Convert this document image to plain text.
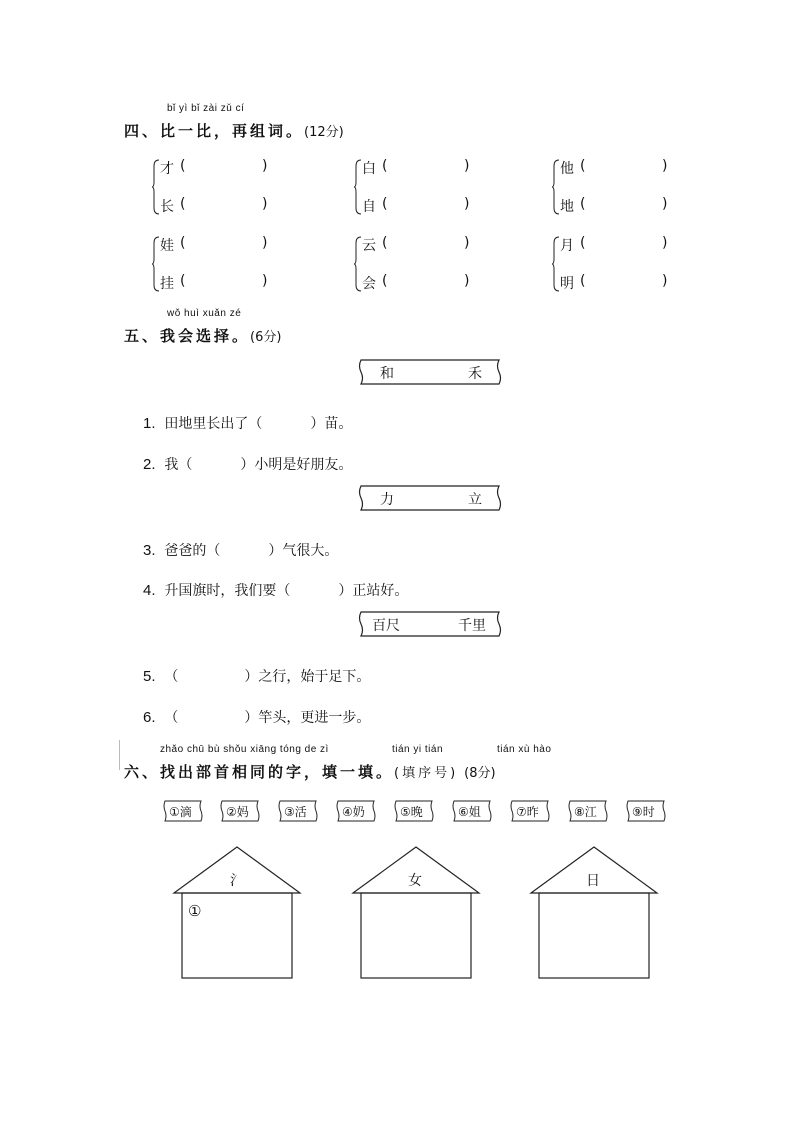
bǐ yì bǐ zài zǔ cí
四、比一比，再组词。(12分)
才 (	)
长 (	)
白 (	)
自 (	)
他 (	)
地 (	)
娃 (	)
挂 (	)
云 (	)
会 (	)
月 (	)
明 (	)
wǒ huì xuǎn zé
五、我会选择。(6分)
和	禾
1. 田地里长出了（	）苗。
2. 我（	）小明是好朋友。
力	立
3. 爸爸的（	）气很大。
4. 升国旗时，我们要（	）正站好。
百尺	千里
5. （	）之行，始于足下。
6. （	）竿头，更进一步。
zhǎo chū bù shǒu xiāng tóng de zì	tián yi tián	tián xù hào
六、找出部首相同的字，填一填。(填序号) (8分)
①滴	②妈	③活	④奶	⑤晚	⑥姐	⑦昨	⑧江	⑨时
氵
①
女	日
